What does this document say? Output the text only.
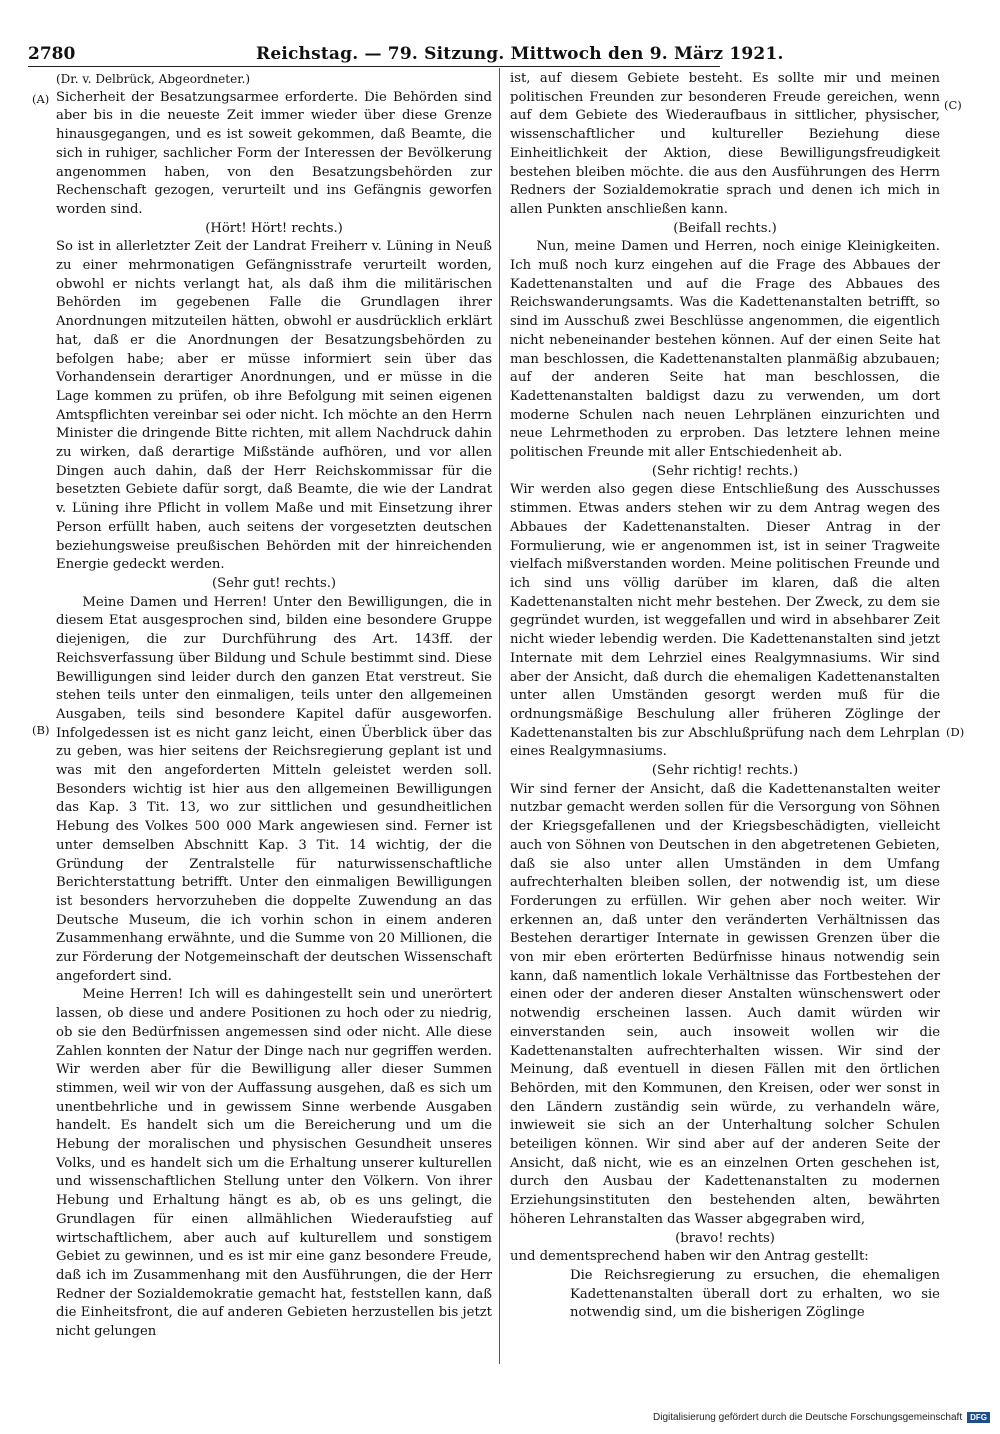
2780	Reichstag. — 79. Sitzung. Mittwoch den 9. März 1921.
(A)
(B)
(C)
(D)

(Dr. v. Delbrück, Abgeordneter.)

Sicherheit der Besatzungsarmee erforderte. Die Behörden sind aber bis in die neueste Zeit immer wieder über diese Grenze hinausgegangen, und es ist soweit gekommen, daß Beamte, die sich in ruhiger, sachlicher Form der Interessen der Bevölkerung angenommen haben, von den Besatzungsbehörden zur Rechenschaft gezogen, verurteilt und ins Gefängnis geworfen worden sind.

(Hört! Hört! rechts.)

So ist in allerletzter Zeit der Landrat Freiherr v. Lüning in Neuß zu einer mehrmonatigen Gefängnisstrafe verurteilt worden, obwohl er nichts verlangt hat, als daß ihm die militärischen Behörden im gegebenen Falle die Grundlagen ihrer Anordnungen mitzuteilen hätten, obwohl er ausdrücklich erklärt hat, daß er die Anordnungen der Besatzungsbehörden zu befolgen habe; aber er müsse informiert sein über das Vorhandensein derartiger Anordnungen, und er müsse in die Lage kommen zu prüfen, ob ihre Befolgung mit seinen eigenen Amtspflichten vereinbar sei oder nicht. Ich möchte an den Herrn Minister die dringende Bitte richten, mit allem Nachdruck dahin zu wirken, daß derartige Mißstände aufhören, und vor allen Dingen auch dahin, daß der Herr Reichskommissar für die besetzten Gebiete dafür sorgt, daß Beamte, die wie der Landrat v. Lüning ihre Pflicht in vollem Maße und mit Einsetzung ihrer Person erfüllt haben, auch seitens der vorgesetzten deutschen beziehungsweise preußischen Behörden mit der hinreichenden Energie gedeckt werden.

(Sehr gut! rechts.)

Meine Damen und Herren! Unter den Bewilligungen, die in diesem Etat ausgesprochen sind, bilden eine besondere Gruppe diejenigen, die zur Durchführung des Art. 143ff. der Reichsverfassung über Bildung und Schule bestimmt sind. Diese Bewilligungen sind leider durch den ganzen Etat verstreut. Sie stehen teils unter den einmaligen, teils unter den allgemeinen Ausgaben, teils sind besondere Kapitel dafür ausgeworfen. Infolgedessen ist es nicht ganz leicht, einen Überblick über das zu geben, was hier seitens der Reichsregierung geplant ist und was mit den angeforderten Mitteln geleistet werden soll. Besonders wichtig ist hier aus den allgemeinen Bewilligungen das Kap. 3 Tit. 13, wo zur sittlichen und gesundheitlichen Hebung des Volkes 500 000 Mark angewiesen sind. Ferner ist unter demselben Abschnitt Kap. 3 Tit. 14 wichtig, der die Gründung der Zentralstelle für naturwissenschaftliche Berichterstattung betrifft. Unter den einmaligen Bewilligungen ist besonders hervorzuheben die doppelte Zuwendung an das Deutsche Museum, die ich vorhin schon in einem anderen Zusammenhang erwähnte, und die Summe von 20 Millionen, die zur Förderung der Notgemeinschaft der deutschen Wissenschaft angefordert sind.

Meine Herren! Ich will es dahingestellt sein und unerörtert lassen, ob diese und andere Positionen zu hoch oder zu niedrig, ob sie den Bedürfnissen angemessen sind oder nicht. Alle diese Zahlen konnten der Natur der Dinge nach nur gegriffen werden. Wir werden aber für die Bewilligung aller dieser Summen stimmen, weil wir von der Auffassung ausgehen, daß es sich um unentbehrliche und in gewissem Sinne werbende Ausgaben handelt. Es handelt sich um die Bereicherung und um die Hebung der moralischen und physischen Gesundheit unseres Volks, und es handelt sich um die Erhaltung unserer kulturellen und wissenschaftlichen Stellung unter den Völkern. Von ihrer Hebung und Erhaltung hängt es ab, ob es uns gelingt, die Grundlagen für einen allmählichen Wiederaufstieg auf wirtschaftlichem, aber auch auf kulturellem und sonstigem Gebiet zu gewinnen, und es ist mir eine ganz besondere Freude, daß ich im Zusammenhang mit den Ausführungen, die der Herr Redner der Sozialdemokratie gemacht hat, feststellen kann, daß die Einheitsfront, die auf anderen Gebieten herzustellen bis jetzt nicht gelungen

ist, auf diesem Gebiete besteht. Es sollte mir und meinen politischen Freunden zur besonderen Freude gereichen, wenn auf dem Gebiete des Wiederaufbaus in sittlicher, physischer, wissenschaftlicher und kultureller Beziehung diese Einheitlichkeit der Aktion, diese Bewilligungsfreudigkeit bestehen bleiben möchte. die aus den Ausführungen des Herrn Redners der Sozialdemokratie sprach und denen ich mich in allen Punkten anschließen kann.

(Beifall rechts.)

Nun, meine Damen und Herren, noch einige Kleinigkeiten. Ich muß noch kurz eingehen auf die Frage des Abbaues der Kadettenanstalten und auf die Frage des Abbaues des Reichswanderungsamts. Was die Kadettenanstalten betrifft, so sind im Ausschuß zwei Beschlüsse angenommen, die eigentlich nicht nebeneinander bestehen können. Auf der einen Seite hat man beschlossen, die Kadettenanstalten planmäßig abzubauen; auf der anderen Seite hat man beschlossen, die Kadettenanstalten baldigst dazu zu verwenden, um dort moderne Schulen nach neuen Lehrplänen einzurichten und neue Lehrmethoden zu erproben. Das letztere lehnen meine politischen Freunde mit aller Entschiedenheit ab.

(Sehr richtig! rechts.)

Wir werden also gegen diese Entschließung des Ausschusses stimmen. Etwas anders stehen wir zu dem Antrag wegen des Abbaues der Kadettenanstalten. Dieser Antrag in der Formulierung, wie er angenommen ist, ist in seiner Tragweite vielfach mißverstanden worden. Meine politischen Freunde und ich sind uns völlig darüber im klaren, daß die alten Kadettenanstalten nicht mehr bestehen. Der Zweck, zu dem sie gegründet wurden, ist weggefallen und wird in absehbarer Zeit nicht wieder lebendig werden. Die Kadettenanstalten sind jetzt Internate mit dem Lehrziel eines Realgymnasiums. Wir sind aber der Ansicht, daß durch die ehemaligen Kadettenanstalten unter allen Umständen gesorgt werden muß für die ordnungsmäßige Beschulung aller früheren Zöglinge der Kadettenanstalten bis zur Abschlußprüfung nach dem Lehrplan eines Realgymnasiums.

(Sehr richtig! rechts.)

Wir sind ferner der Ansicht, daß die Kadettenanstalten weiter nutzbar gemacht werden sollen für die Versorgung von Söhnen der Kriegsgefallenen und der Kriegsbeschädigten, vielleicht auch von Söhnen von Deutschen in den abgetretenen Gebieten, daß sie also unter allen Umständen in dem Umfang aufrechterhalten bleiben sollen, der notwendig ist, um diese Forderungen zu erfüllen. Wir gehen aber noch weiter. Wir erkennen an, daß unter den veränderten Verhältnissen das Bestehen derartiger Internate in gewissen Grenzen über die von mir eben erörterten Bedürfnisse hinaus notwendig sein kann, daß namentlich lokale Verhältnisse das Fortbestehen der einen oder der anderen dieser Anstalten wünschenswert oder notwendig erscheinen lassen. Auch damit würden wir einverstanden sein, auch insoweit wollen wir die Kadettenanstalten aufrechterhalten wissen. Wir sind der Meinung, daß eventuell in diesen Fällen mit den örtlichen Behörden, mit den Kommunen, den Kreisen, oder wer sonst in den Ländern zuständig sein würde, zu verhandeln wäre, inwieweit sie sich an der Unterhaltung solcher Schulen beteiligen können. Wir sind aber auf der anderen Seite der Ansicht, daß nicht, wie es an einzelnen Orten geschehen ist, durch den Ausbau der Kadettenanstalten zu modernen Erziehungsinstituten den bestehenden alten, bewährten höheren Lehranstalten das Wasser abgegraben wird,

(bravo! rechts)

und dementsprechend haben wir den Antrag gestellt:

Die Reichsregierung zu ersuchen, die ehemaligen Kadettenanstalten überall dort zu erhalten, wo sie notwendig sind, um die bisherigen Zöglinge

Digitalisierung gefördert durch die Deutsche Forschungsgemeinschaft	DFG
